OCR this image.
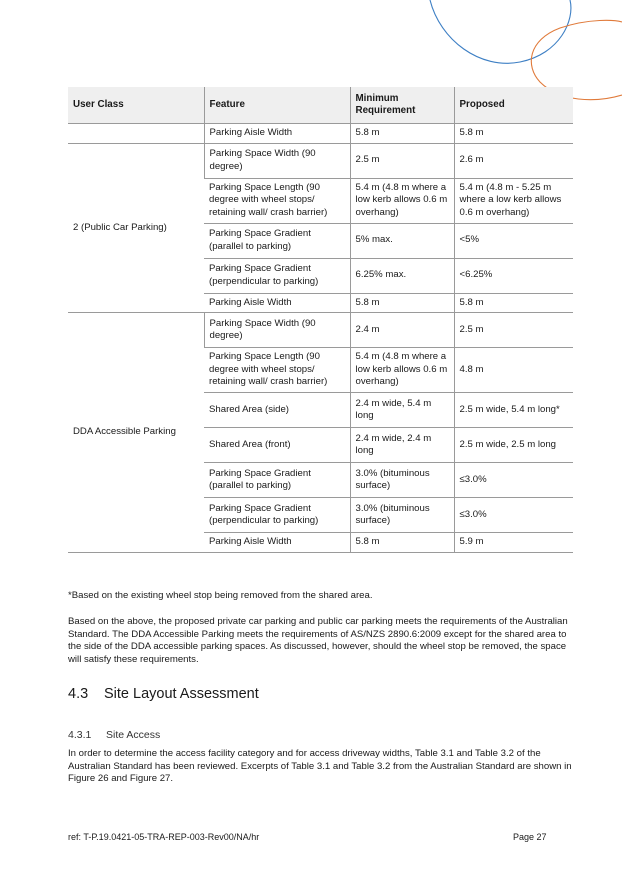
User Class	Feature	Minimum Requirement	Proposed
	Parking Aisle Width	5.8 m	5.8 m
2 (Public Car Parking)	Parking Space Width (90 degree)	2.5 m	2.6 m
	Parking Space Length (90 degree with wheel stops/ retaining wall/ crash barrier)	5.4 m (4.8 m where a low kerb allows 0.6 m overhang)	5.4 m (4.8 m - 5.25 m where a low kerb allows 0.6 m overhang)
	Parking Space Gradient (parallel to parking)	5% max.	<5%
	Parking Space Gradient (perpendicular to parking)	6.25% max.	<6.25%
	Parking Aisle Width	5.8 m	5.8 m
DDA Accessible Parking	Parking Space Width (90 degree)	2.4 m	2.5 m
	Parking Space Length (90 degree with wheel stops/ retaining wall/ crash barrier)	5.4 m (4.8 m where a low kerb allows 0.6 m overhang)	4.8 m
	Shared Area (side)	2.4 m wide, 5.4 m long	2.5 m wide, 5.4 m long*
	Shared Area (front)	2.4 m wide, 2.4 m long	2.5 m wide, 2.5 m long
	Parking Space Gradient (parallel to parking)	3.0% (bituminous surface)	≤3.0%
	Parking Space Gradient (perpendicular to parking)	3.0% (bituminous surface)	≤3.0%
	Parking Aisle Width	5.8 m	5.9 m

*Based on the existing wheel stop being removed from the shared area.

Based on the above, the proposed private car parking and public car parking meets the requirements of the Australian Standard. The DDA Accessible Parking meets the requirements of AS/NZS 2890.6:2009 except for the shared area to the side of the DDA accessible parking spaces. As discussed, however, should the wheel stop be removed, the space will satisfy these requirements.

4.3 Site Layout Assessment
4.3.1 Site Access

In order to determine the access facility category and for access driveway widths, Table 3.1 and Table 3.2 of the Australian Standard has been reviewed. Excerpts of Table 3.1 and Table 3.2 from the Australian Standard are shown in Figure 26 and Figure 27.

ref: T-P.19.0421-05-TRA-REP-003-Rev00/NA/hr	Page 27
